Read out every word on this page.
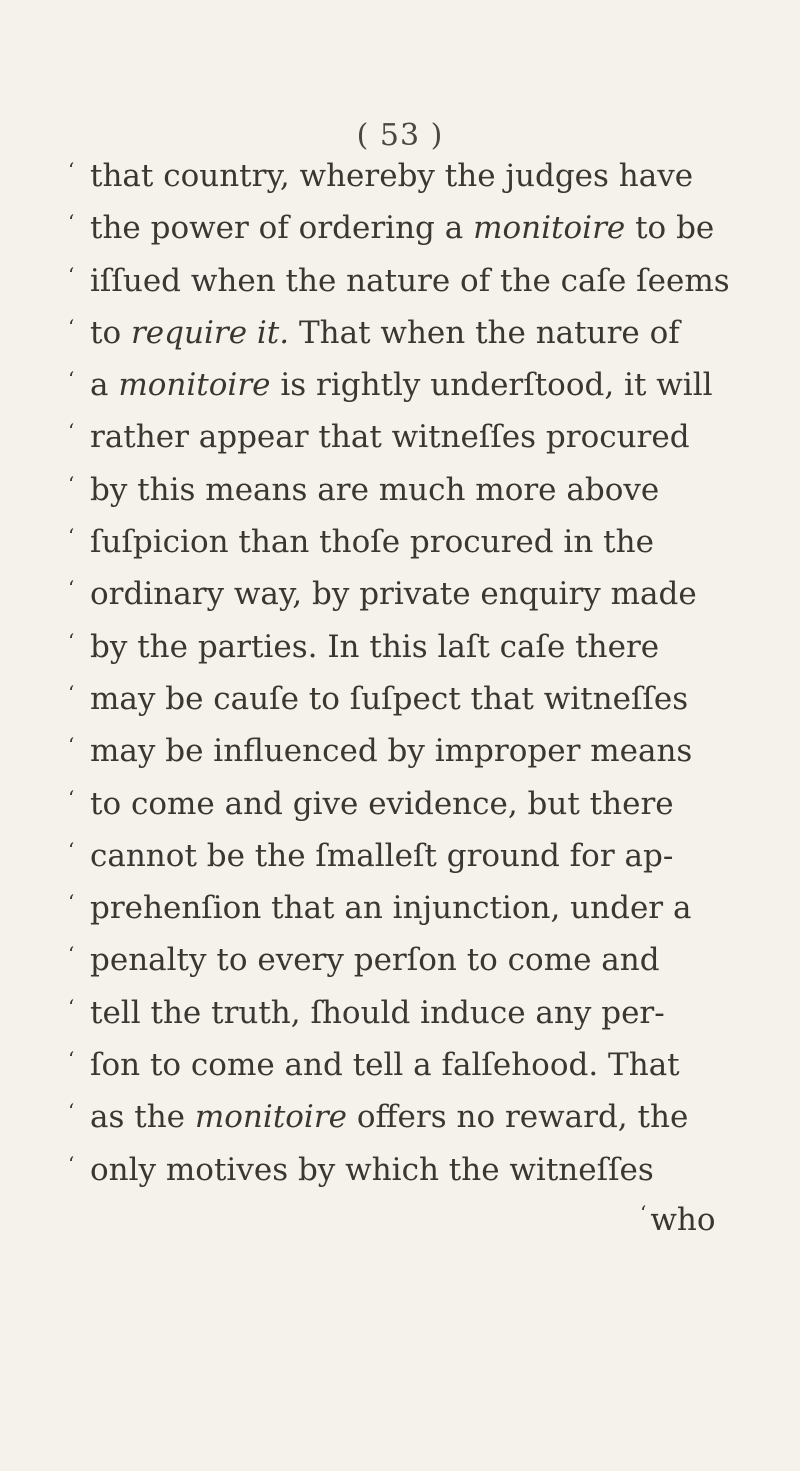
( 53 )
‘ that country, whereby the judges have
‘ the power of ordering a monitoire to be
‘ iſſued when the nature of the caſe ſeems
‘ to require it. That when the nature of
‘ a monitoire is rightly underſtood, it will
‘ rather appear that witneſſes procured
‘ by this means are much more above
‘ ſuſpicion than thoſe procured in the
‘ ordinary way, by private enquiry made
‘ by the parties. In this laſt caſe there
‘ may be cauſe to ſuſpect that witneſſes
‘ may be influenced by improper means
‘ to come and give evidence, but there
‘ cannot be the ſmalleſt ground for ap-
‘ prehenſion that an injunction, under a
‘ penalty to every perſon to come and
‘ tell the truth, ſhould induce any per-
‘ ſon to come and tell a falſehood. That
‘ as the monitoire offers no reward, the
‘ only motives by which the witneſſes
‘ who
